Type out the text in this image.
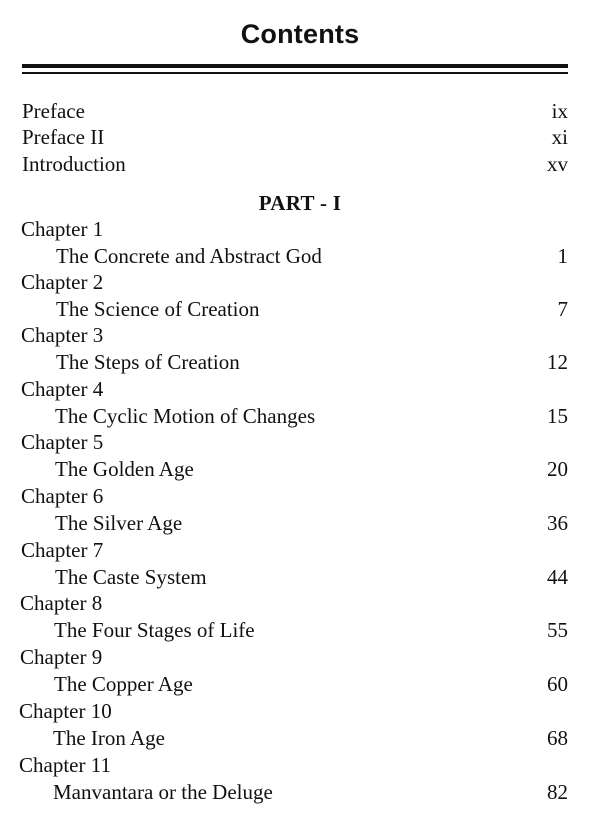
Contents
Preface	ix
Preface II	xi
Introduction	xv
PART - I
Chapter 1
The Concrete and Abstract God	1
Chapter 2
The Science of Creation	7
Chapter 3
The Steps of Creation	12
Chapter 4
The Cyclic Motion of Changes	15
Chapter 5
The Golden Age	20
Chapter 6
The Silver Age	36
Chapter 7
The Caste System	44
Chapter 8
The Four Stages of Life	55
Chapter 9
The Copper Age	60
Chapter 10
The Iron Age	68
Chapter 11
Manvantara or the Deluge	82
